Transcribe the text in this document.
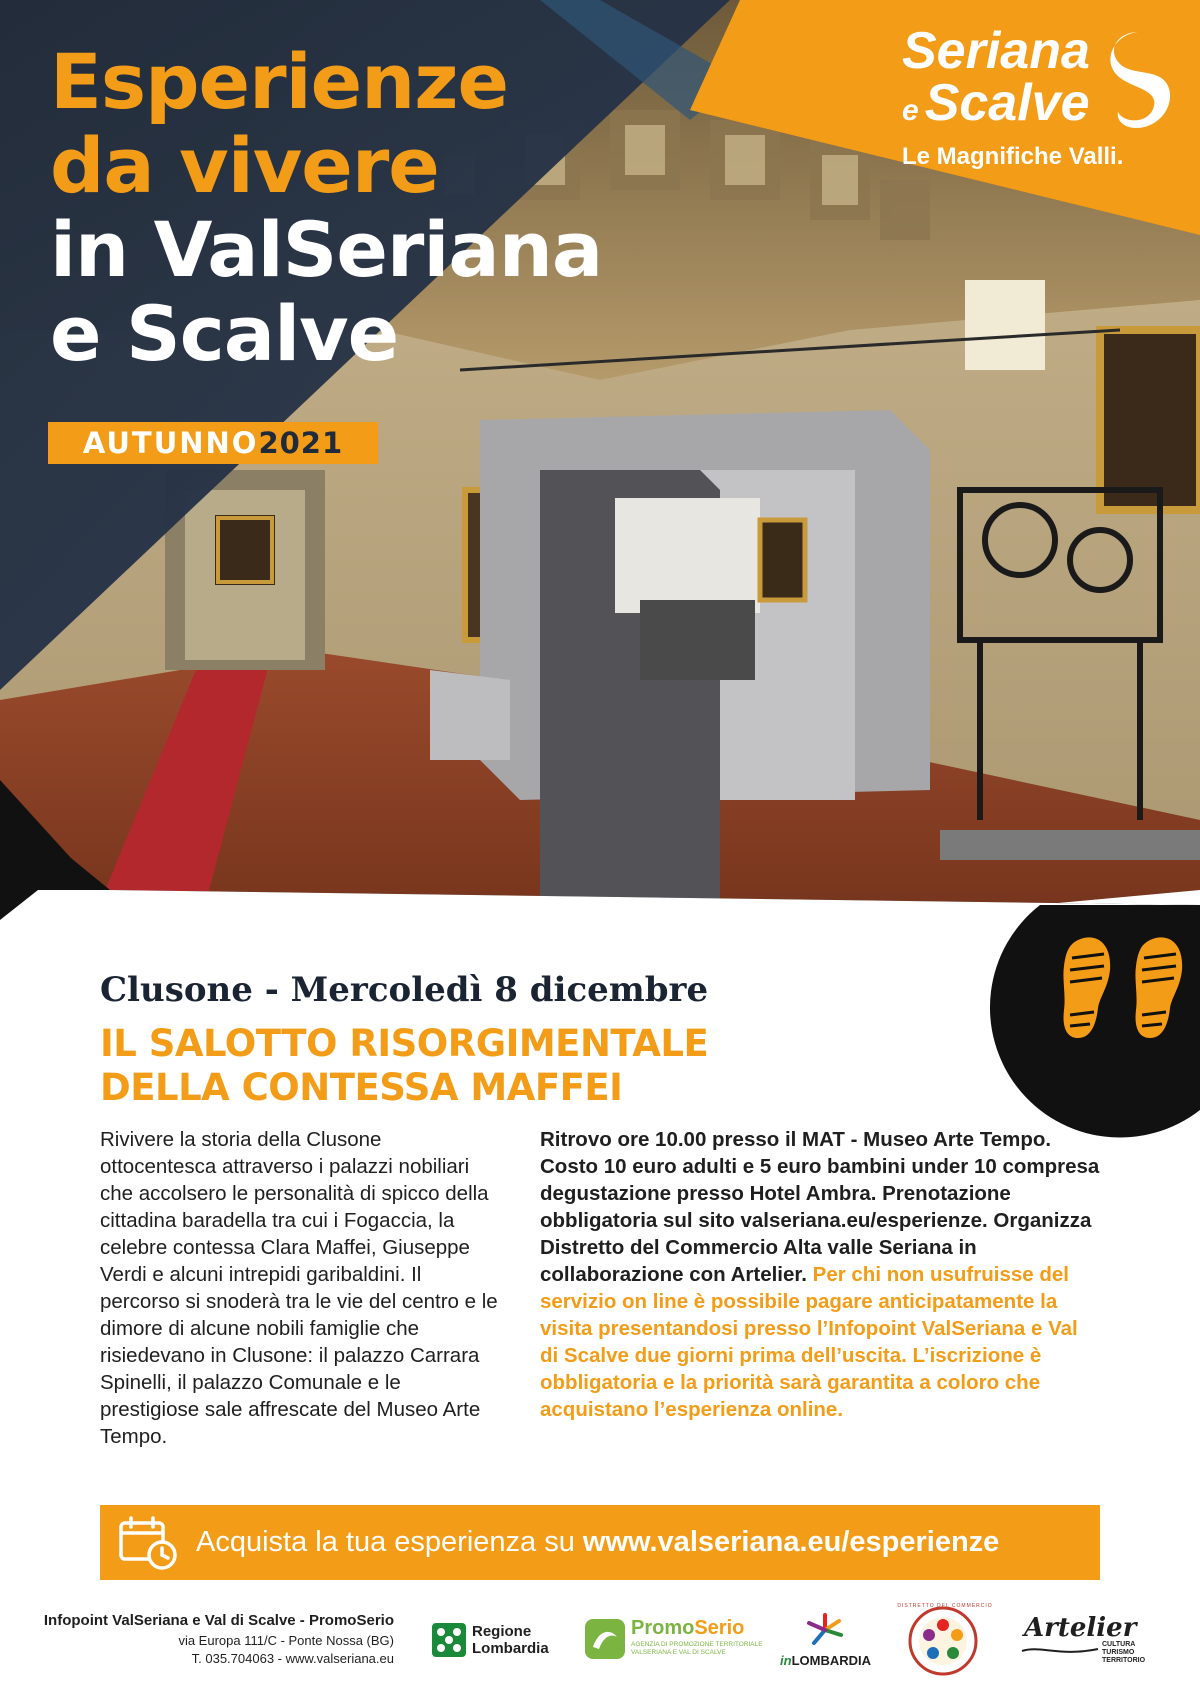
Esperienze
da vivere
in ValSeriana
e Scalve
AUTUNNO2021
Seriana
e Scalve
Le Magnifiche Valli.
Clusone - Mercoledì 8 dicembre
IL SALOTTO RISORGIMENTALE
DELLA CONTESSA MAFFEI
Rivivere la storia della Clusone ottocentesca attraverso i palazzi nobiliari che accolsero le personalità di spicco della cittadina baradella tra cui i Fogaccia, la celebre contessa Clara Maffei, Giuseppe Verdi e alcuni intrepidi garibaldini. Il percorso si snoderà tra le vie del centro e le dimore di alcune nobili famiglie che risiedevano in Clusone: il palazzo Carrara Spinelli, il palazzo Comunale e le prestigiose sale affrescate del Museo Arte Tempo.
Ritrovo ore 10.00 presso il MAT - Museo Arte Tempo. Costo 10 euro adulti e 5 euro bambini under 10 compresa degustazione presso Hotel Ambra. Prenotazione obbligatoria sul sito valseriana.eu/esperienze. Organizza Distretto del Commercio Alta valle Seriana in collaborazione con Artelier. Per chi non usufruisse del servizio on line è possibile pagare anticipatamente la visita presentandosi presso l’Infopoint ValSeriana e Val di Scalve due giorni prima dell’uscita. L’iscrizione è obbligatoria e la priorità sarà garantita a coloro che acquistano l’esperienza online.
Acquista la tua esperienza su www.valseriana.eu/esperienze
Infopoint ValSeriana e Val di Scalve - PromoSerio
via Europa 111/C - Ponte Nossa (BG)
T. 035.704063 - www.valseriana.eu
Regione
Lombardia
PromoSerio
AGENZIA DI PROMOZIONE TERRITORIALE
VALSERIANA E VAL DI SCALVE
inLOMBARDIA
DISTRETTO DEL COMMERCIO
Artelier
CULTURA
TURISMO
TERRITORIO
